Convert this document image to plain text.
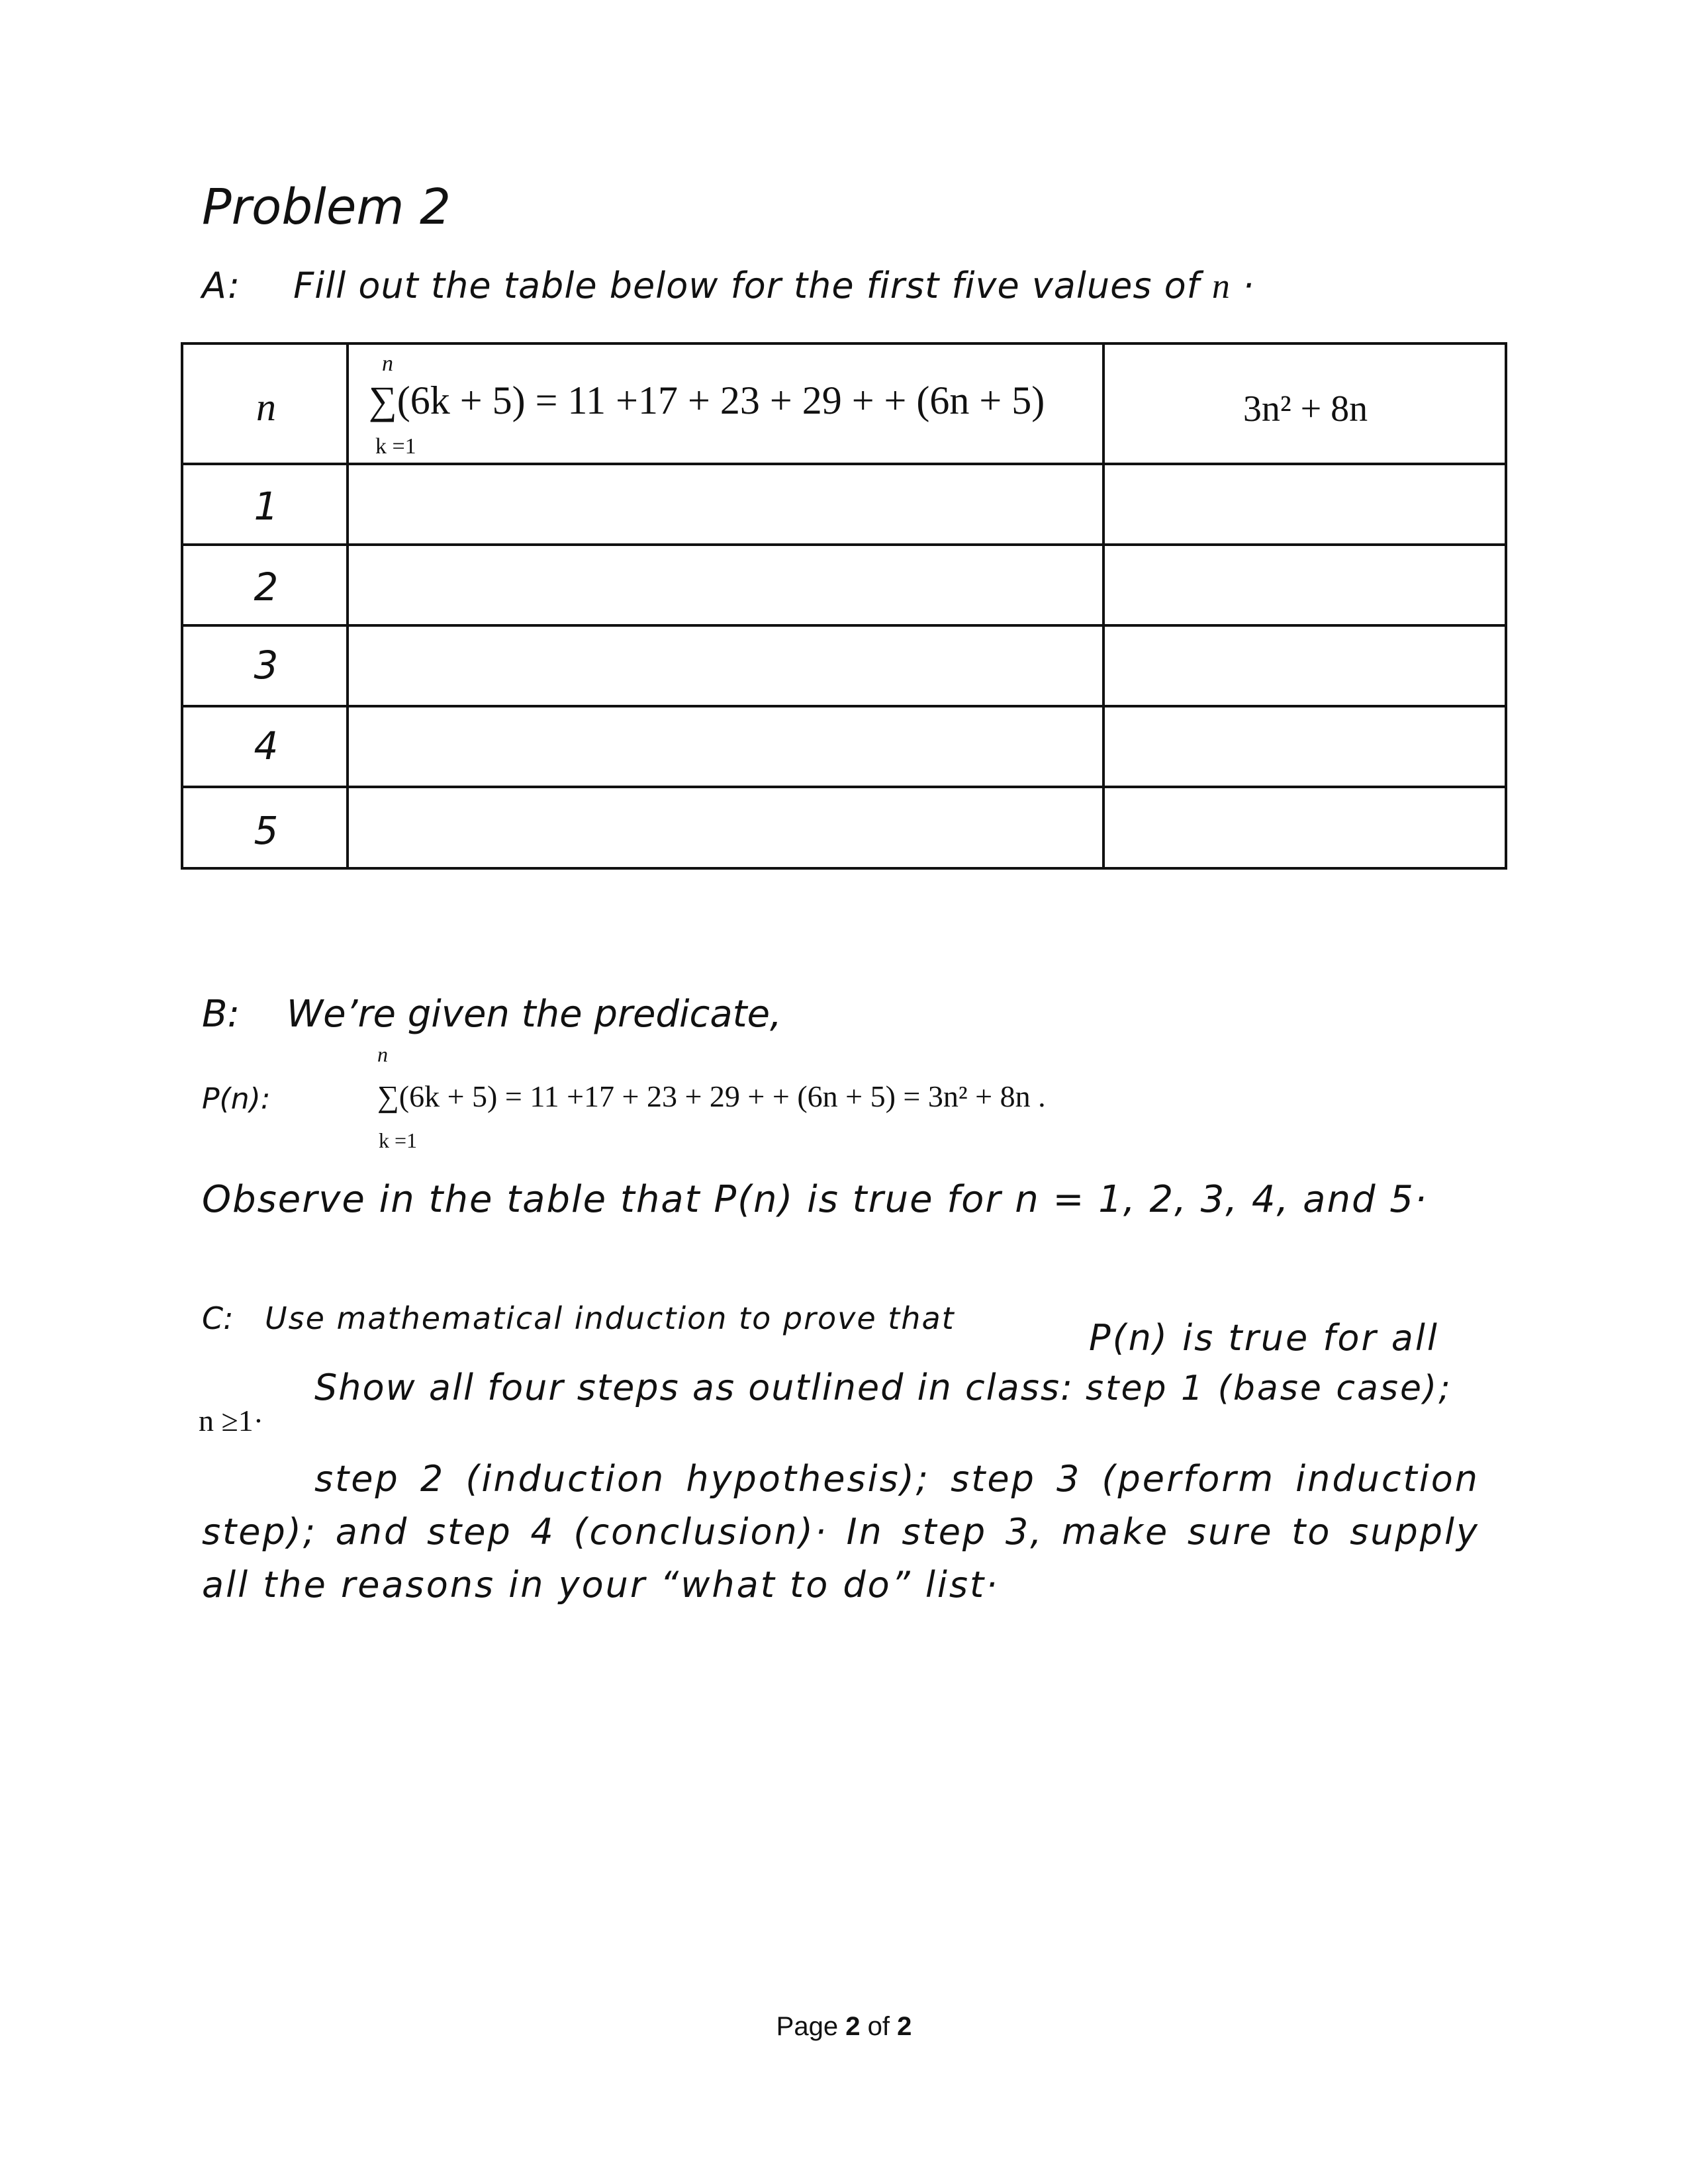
Problem 2
A: Fill out the table below for the first five values of n ·
n
n
∑(6k + 5) = 11 +17 + 23 + 29 + + (6n + 5)
k =1
3n² + 8n
1
2
3
4
5
B: We’re given the predicate,
P(n):
n
∑(6k + 5) = 11 +17 + 23 + 29 + + (6n + 5) = 3n² + 8n .
k =1
Observe in the table that P(n) is true for n = 1, 2, 3, 4, and 5·
C: Use mathematical induction to prove that	P(n) is true for all
Show all four steps as outlined in class: step 1 (base case);
n ≥1·
step 2 (induction hypothesis); step 3 (perform induction step); and step 4 (conclusion)· In step 3, make sure to supply all the reasons in your “what to do” list·
Page 2 of 2
